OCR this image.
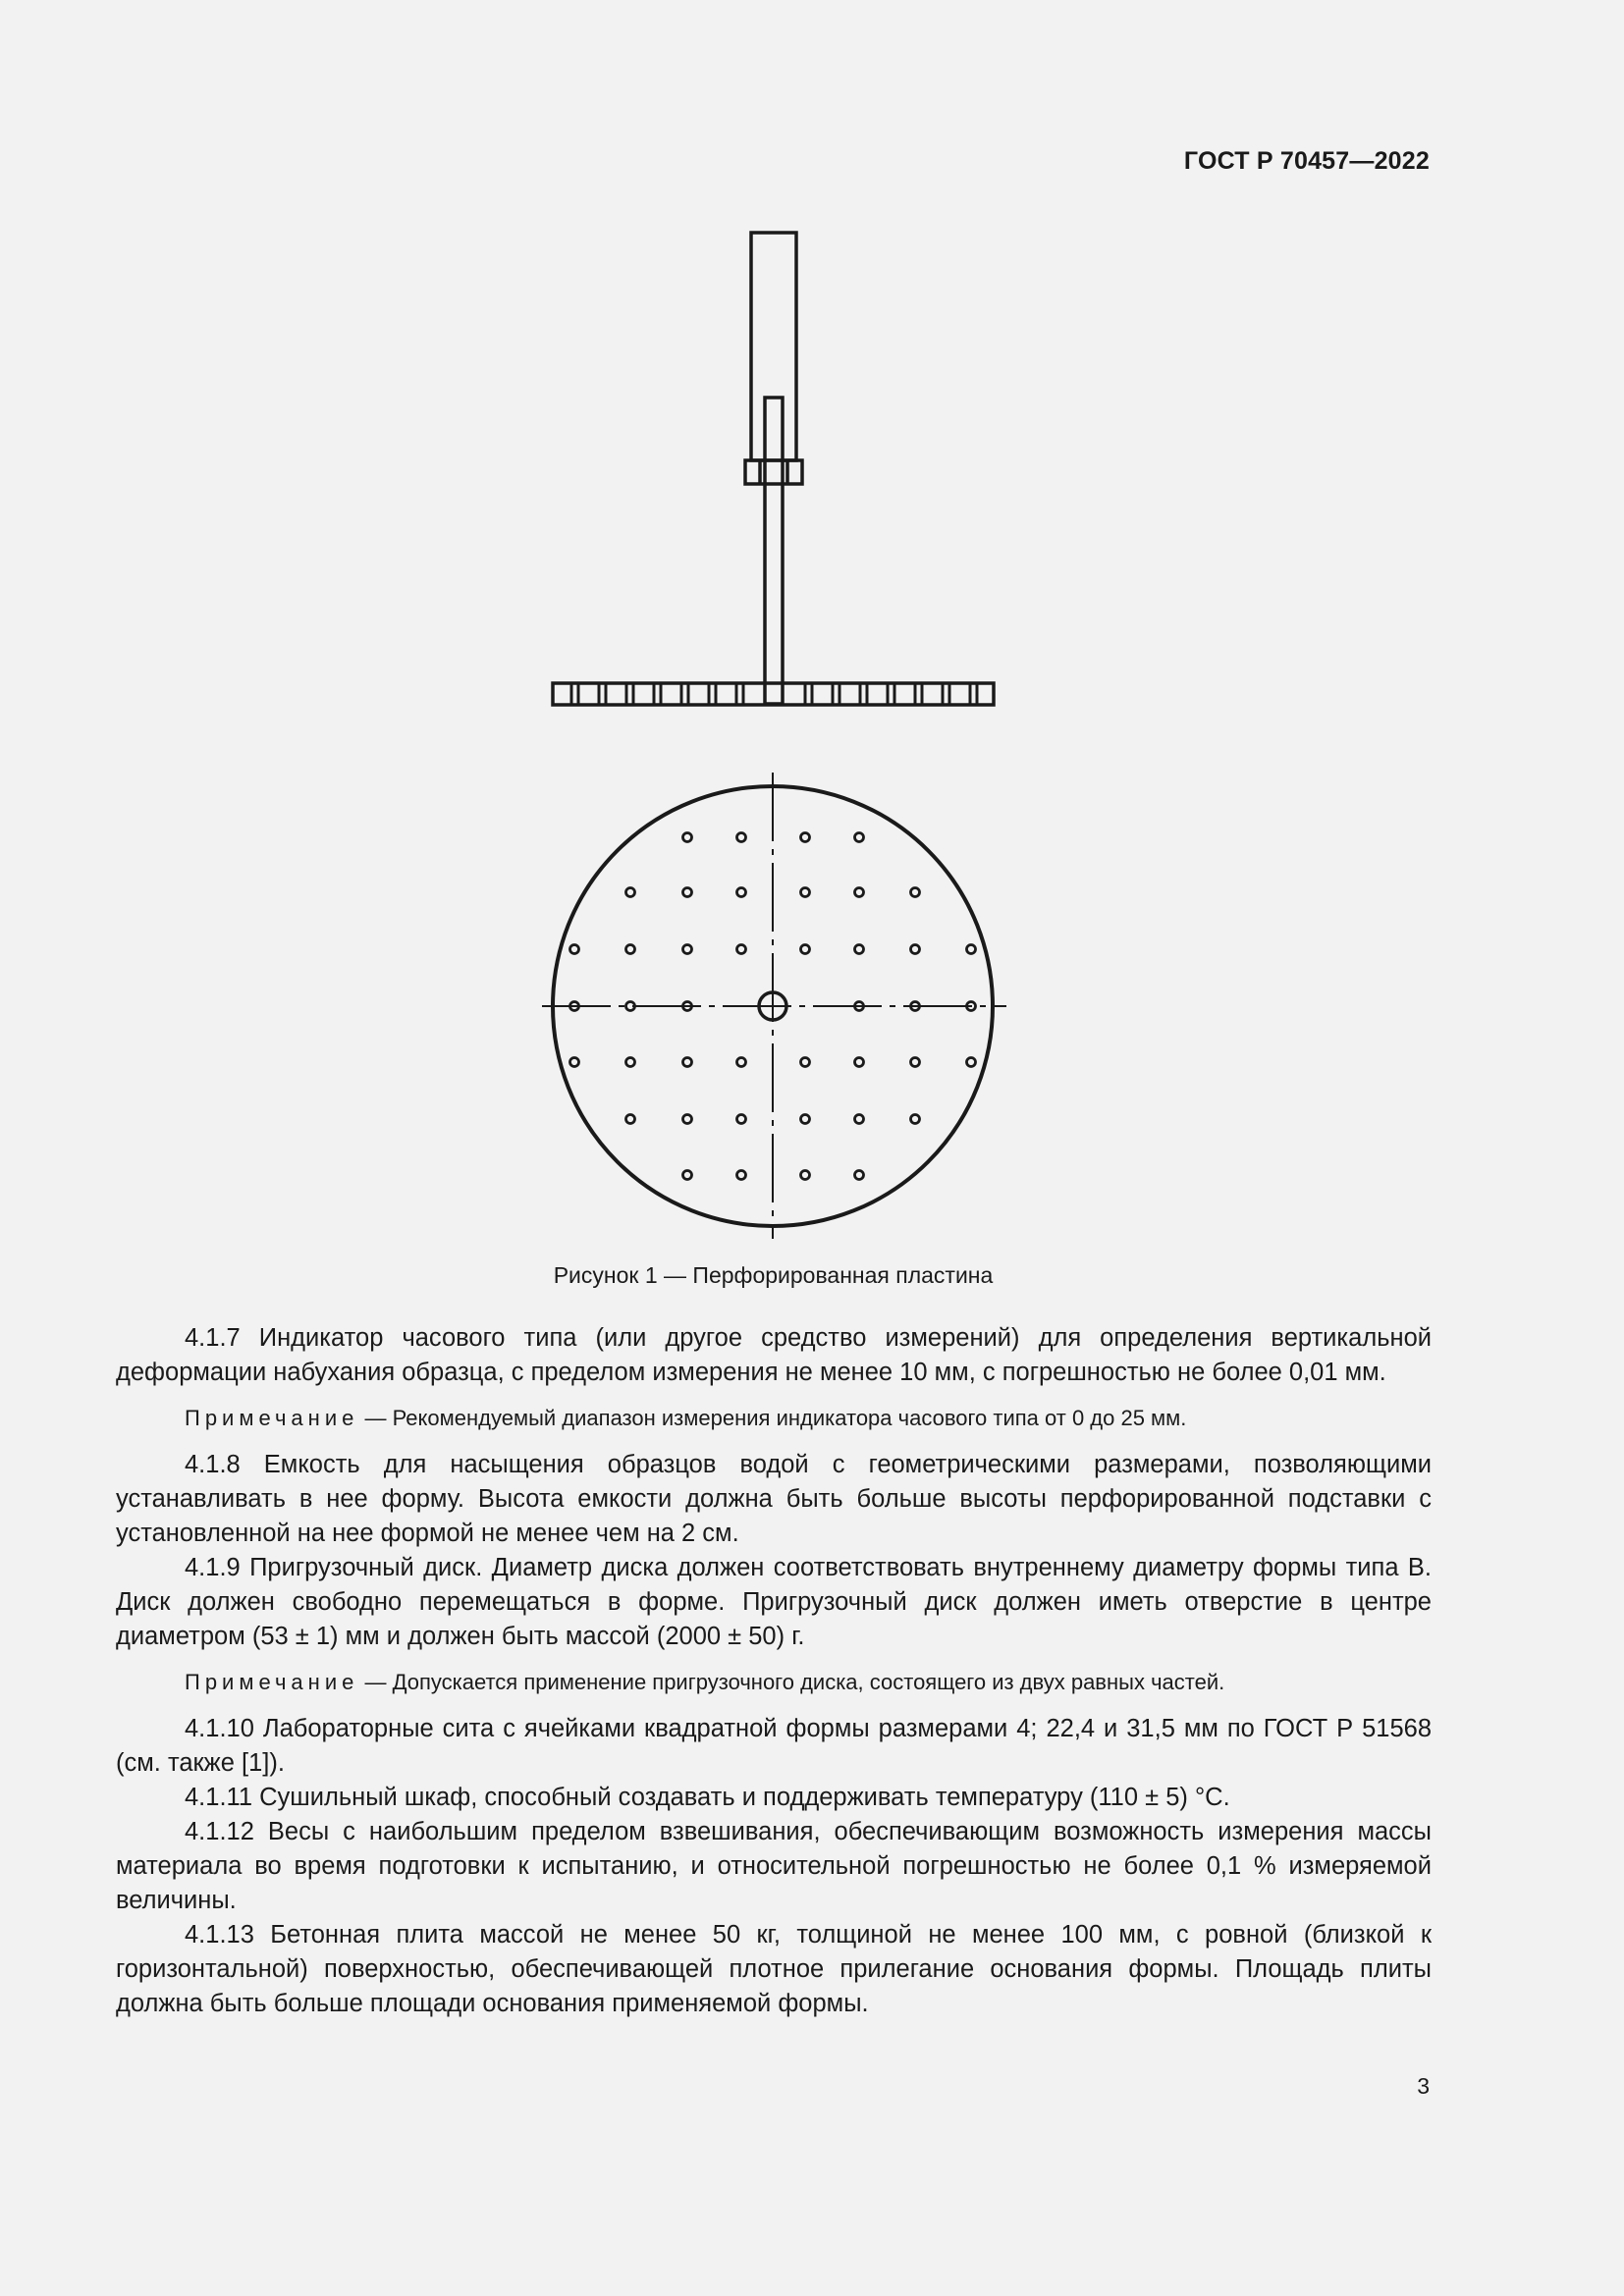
ГОСТ Р 70457—2022
Рисунок 1 — Перфорированная пластина

4.1.7 Индикатор часового типа (или другое средство измерений) для определения вертикальной деформации набухания образца, с пределом измерения не менее 10 мм, с погрешностью не более 0,01 мм.

Примечание — Рекомендуемый диапазон измерения индикатора часового типа от 0 до 25 мм.

4.1.8 Емкость для насыщения образцов водой с геометрическими размерами, позволяющими устанавливать в нее форму. Высота емкости должна быть больше высоты перфорированной подставки с установленной на нее формой не менее чем на 2 см.

4.1.9 Пригрузочный диск. Диаметр диска должен соответствовать внутреннему диаметру формы типа В. Диск должен свободно перемещаться в форме. Пригрузочный диск должен иметь отверстие в центре диаметром (53 ± 1) мм и должен быть массой (2000 ± 50) г.

Примечание — Допускается применение пригрузочного диска, состоящего из двух равных частей.

4.1.10 Лабораторные сита с ячейками квадратной формы размерами 4; 22,4 и 31,5 мм по ГОСТ Р 51568 (см. также [1]).

4.1.11 Сушильный шкаф, способный создавать и поддерживать температуру (110 ± 5) °С.

4.1.12 Весы с наибольшим пределом взвешивания, обеспечивающим возможность измерения массы материала во время подготовки к испытанию, и относительной погрешностью не более 0,1 % измеряемой величины.

4.1.13 Бетонная плита массой не менее 50 кг, толщиной не менее 100 мм, с ровной (близкой к горизонтальной) поверхностью, обеспечивающей плотное прилегание основания формы. Площадь плиты должна быть больше площади основания применяемой формы.

3
